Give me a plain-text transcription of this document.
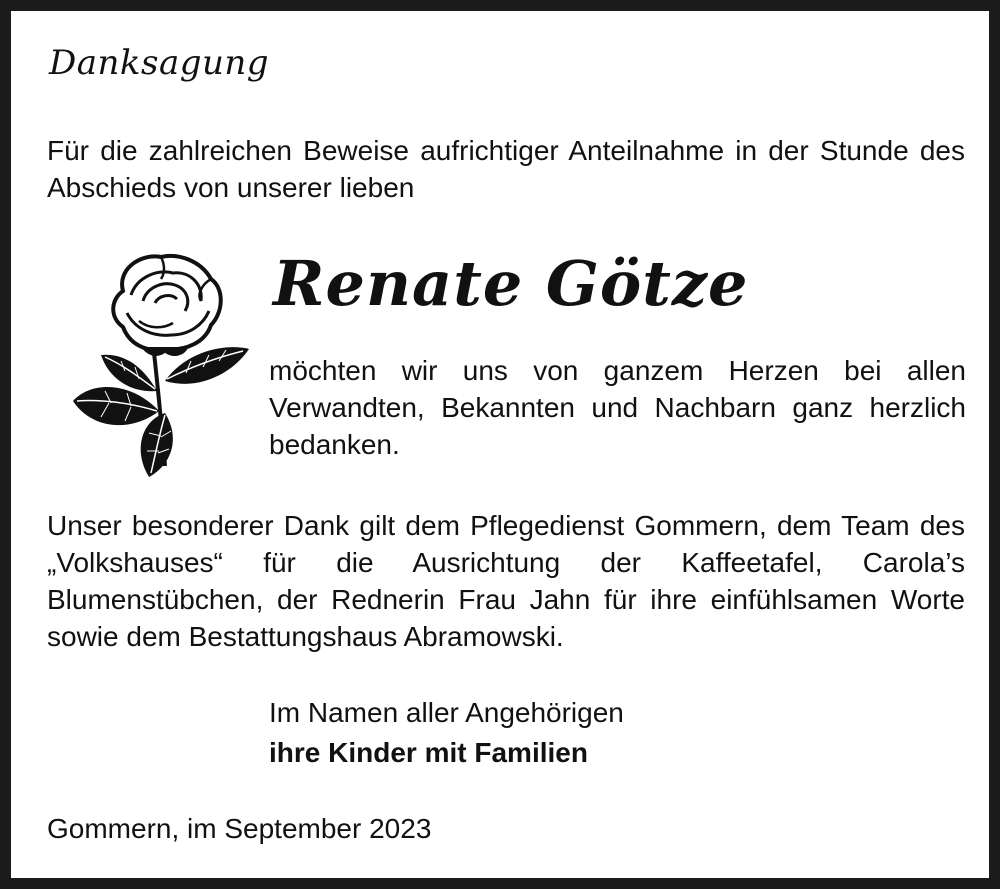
Danksagung

Für die zahlreichen Beweise aufrichtiger Anteilnahme in der Stunde des Abschieds von unserer lieben

Renate Götze

möchten wir uns von ganzem Herzen bei allen Verwandten, Bekannten und Nachbarn ganz herzlich bedanken.

Unser besonderer Dank gilt dem Pflegedienst Gommern, dem Team des „Volkshauses“ für die Ausrichtung der Kaffeetafel, Carola’s Blumenstübchen, der Rednerin Frau Jahn für ihre einfühlsamen Worte sowie dem Bestattungshaus Abramowski.

Im Namen aller Angehörigen
ihre Kinder mit Familien
Gommern, im September 2023
